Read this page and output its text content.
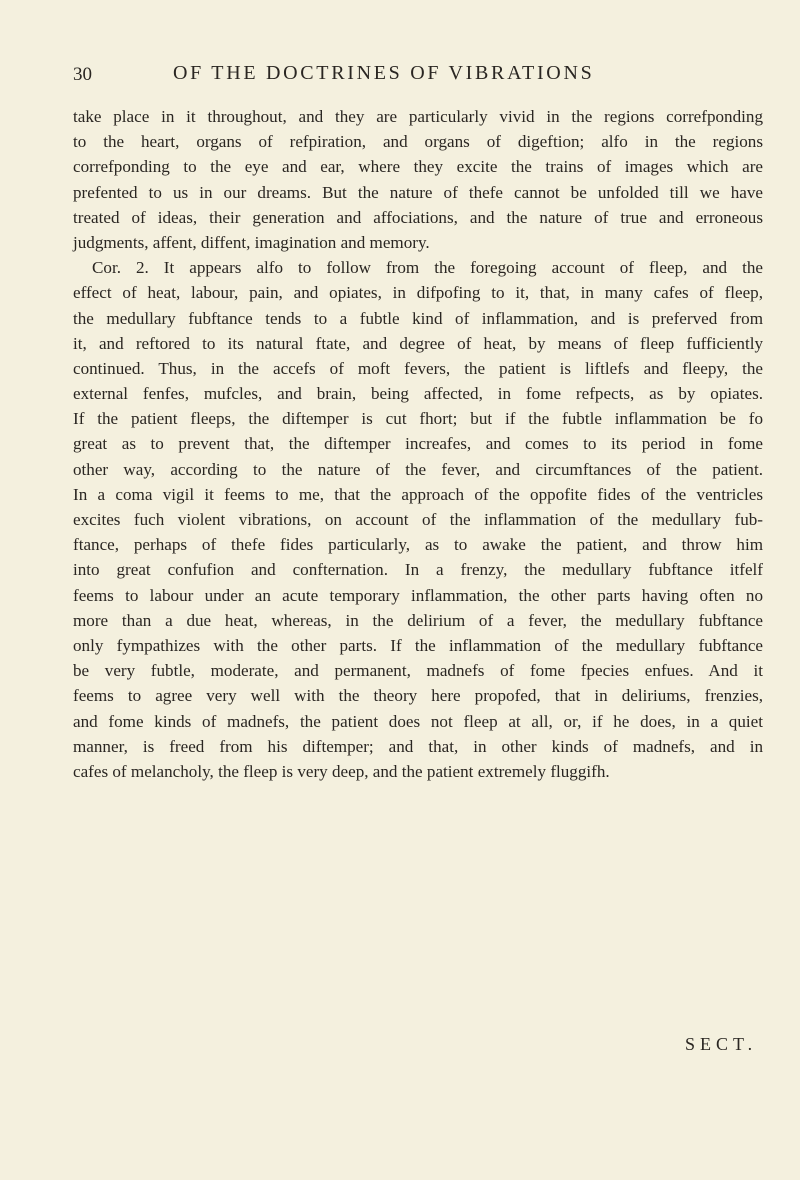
30	OF THE DOCTRINES OF VIBRATIONS
take place in it throughout, and they are particularly vivid in the regions correfponding
to the heart, organs of refpiration, and organs of digeftion; alfo in the regions
correfponding to the eye and ear, where they excite the trains of images which are
prefented to us in our dreams. But the nature of thefe cannot be unfolded till we have
treated of ideas, their generation and affociations, and the nature of true and erroneous
judgments, affent, diffent, imagination and memory.
Cor. 2. It appears alfo to follow from the foregoing account of fleep, and the
effect of heat, labour, pain, and opiates, in difpofing to it, that, in many cafes of fleep,
the medullary fubftance tends to a fubtle kind of inflammation, and is preferved from
it, and reftored to its natural ftate, and degree of heat, by means of fleep fufficiently
continued. Thus, in the accefs of moft fevers, the patient is liftlefs and fleepy, the
external fenfes, mufcles, and brain, being affected, in fome refpects, as by opiates.
If the patient fleeps, the diftemper is cut fhort; but if the fubtle inflammation be fo
great as to prevent that, the diftemper increafes, and comes to its period in fome
other way, according to the nature of the fever, and circumftances of the patient.
In a coma vigil it feems to me, that the approach of the oppofite fides of the ventricles
excites fuch violent vibrations, on account of the inflammation of the medullary fub-
ftance, perhaps of thefe fides particularly, as to awake the patient, and throw him
into great confufion and confternation. In a frenzy, the medullary fubftance itfelf
feems to labour under an acute temporary inflammation, the other parts having often no
more than a due heat, whereas, in the delirium of a fever, the medullary fubftance
only fympathizes with the other parts. If the inflammation of the medullary fubftance
be very fubtle, moderate, and permanent, madnefs of fome fpecies enfues. And it
feems to agree very well with the theory here propofed, that in deliriums, frenzies,
and fome kinds of madnefs, the patient does not fleep at all, or, if he does, in a quiet
manner, is freed from his diftemper; and that, in other kinds of madnefs, and in
cafes of melancholy, the fleep is very deep, and the patient extremely fluggifh.
SECT.
